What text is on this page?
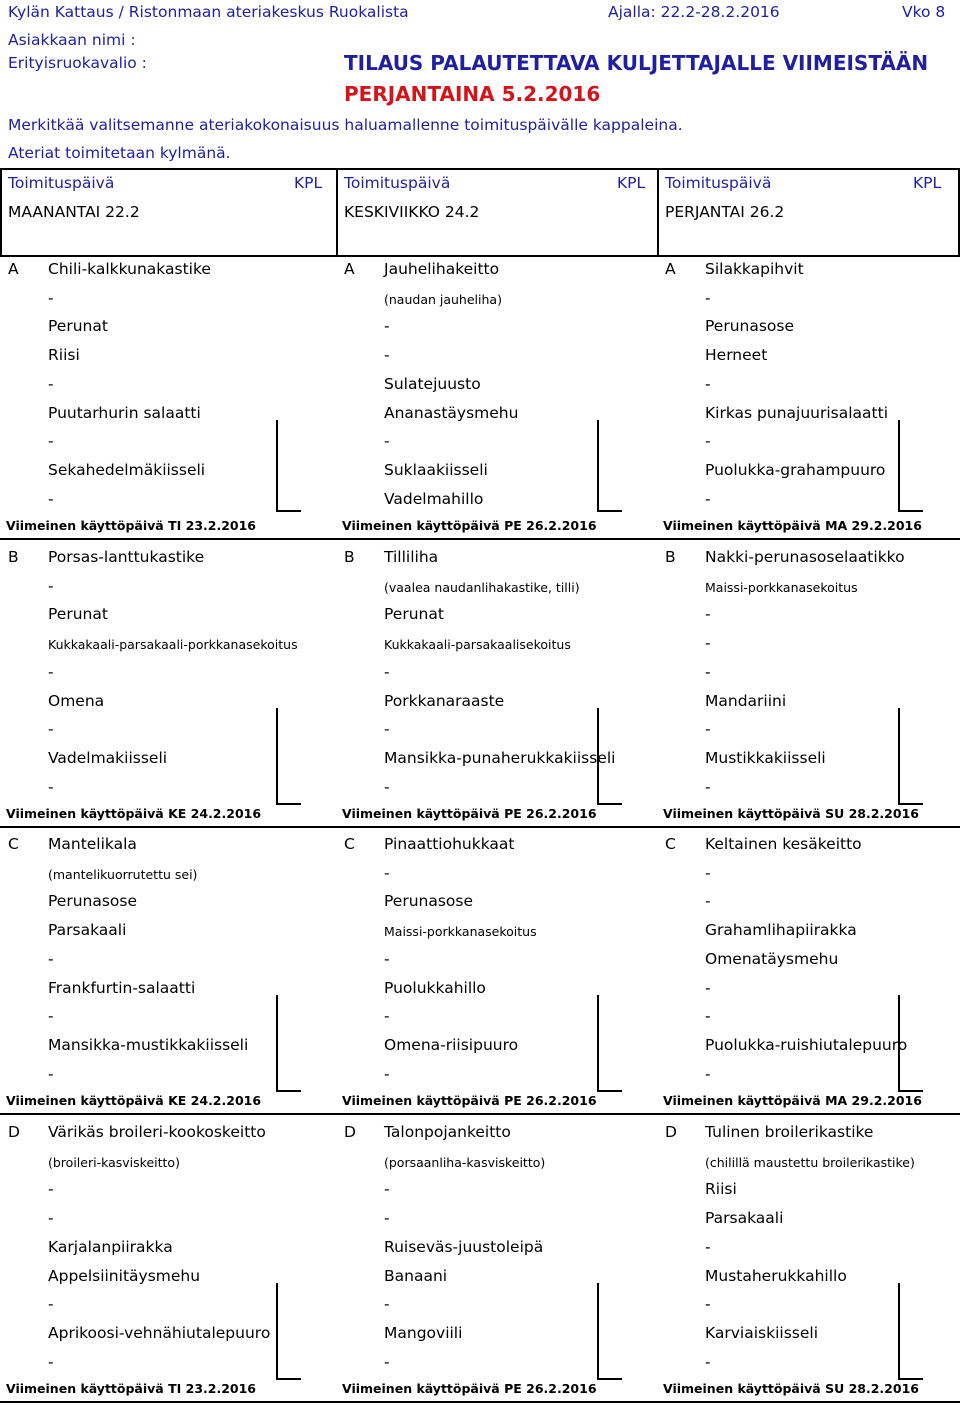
Kylän Kattaus / Ristonmaan ateriakeskus Ruokalista	Ajalla: 22.2-28.2.2016	Vko 8
Asiakkaan nimi :
Erityisruokavalio :	TILAUS PALAUTETTAVA KULJETTAJALLE VIIMEISTÄÄN
PERJANTAINA 5.2.2016
Merkitkää valitsemanne ateriakokonaisuus haluamallenne toimituspäivälle kappaleina.
Ateriat toimitetaan kylmänä.
Toimituspäivä	KPL
MAANANTAI 22.2
Toimituspäivä	KPL
KESKIVIIKKO 24.2
Toimituspäivä	KPL
PERJANTAI 26.2
A Chili-kalkkunakastike
-
Perunat
Riisi
-
Puutarhurin salaatti
-
Sekahedelmäkiisseli
-
Viimeinen käyttöpäivä TI 23.2.2016
A Jauhelihakeitto
(naudan jauheliha)
-
-
Sulatejuusto
Ananastäysmehu
-
Suklaakiisseli
Vadelmahillo
Viimeinen käyttöpäivä PE 26.2.2016
A Silakkapihvit
-
Perunasose
Herneet
-
Kirkas punajuurisalaatti
-
Puolukka-grahampuuro
-
Viimeinen käyttöpäivä MA 29.2.2016
B Porsas-lanttukastike
-
Perunat
Kukkakaali-parsakaali-porkkanasekoitus
-
Omena
-
Vadelmakiisseli
-
Viimeinen käyttöpäivä KE 24.2.2016
B Tilliliha
(vaalea naudanlihakastike, tilli)
Perunat
Kukkakaali-parsakaalisekoitus
-
Porkkanaraaste
-
Mansikka-punaherukkakiisseli
-
Viimeinen käyttöpäivä PE 26.2.2016
B Nakki-perunasoselaatikko
Maissi-porkkanasekoitus
-
-
-
Mandariini
-
Mustikkakiisseli
-
Viimeinen käyttöpäivä SU 28.2.2016
C Mantelikala
(mantelikuorrutettu sei)
Perunasose
Parsakaali
-
Frankfurtin-salaatti
-
Mansikka-mustikkakiisseli
-
Viimeinen käyttöpäivä KE 24.2.2016
C Pinaattiohukkaat
-
Perunasose
Maissi-porkkanasekoitus
-
Puolukkahillo
-
Omena-riisipuuro
-
Viimeinen käyttöpäivä PE 26.2.2016
C Keltainen kesäkeitto
-
-
Grahamlihapiirakka
Omenatäysmehu
-
-
Puolukka-ruishiutalepuuro
-
Viimeinen käyttöpäivä MA 29.2.2016
D Värikäs broileri-kookoskeitto
(broileri-kasviskeitto)
-
-
Karjalanpiirakka
Appelsiinitäysmehu
-
Aprikoosi-vehnähiutalepuuro
-
Viimeinen käyttöpäivä TI 23.2.2016
D Talonpojankeitto
(porsaanliha-kasviskeitto)
-
-
Ruiseväs-juustoleipä
Banaani
-
Mangoviili
-
Viimeinen käyttöpäivä PE 26.2.2016
D Tulinen broilerikastike
(chilillä maustettu broilerikastike)
Riisi
Parsakaali
-
Mustaherukkahillo
-
Karviaiskiisseli
-
Viimeinen käyttöpäivä SU 28.2.2016
